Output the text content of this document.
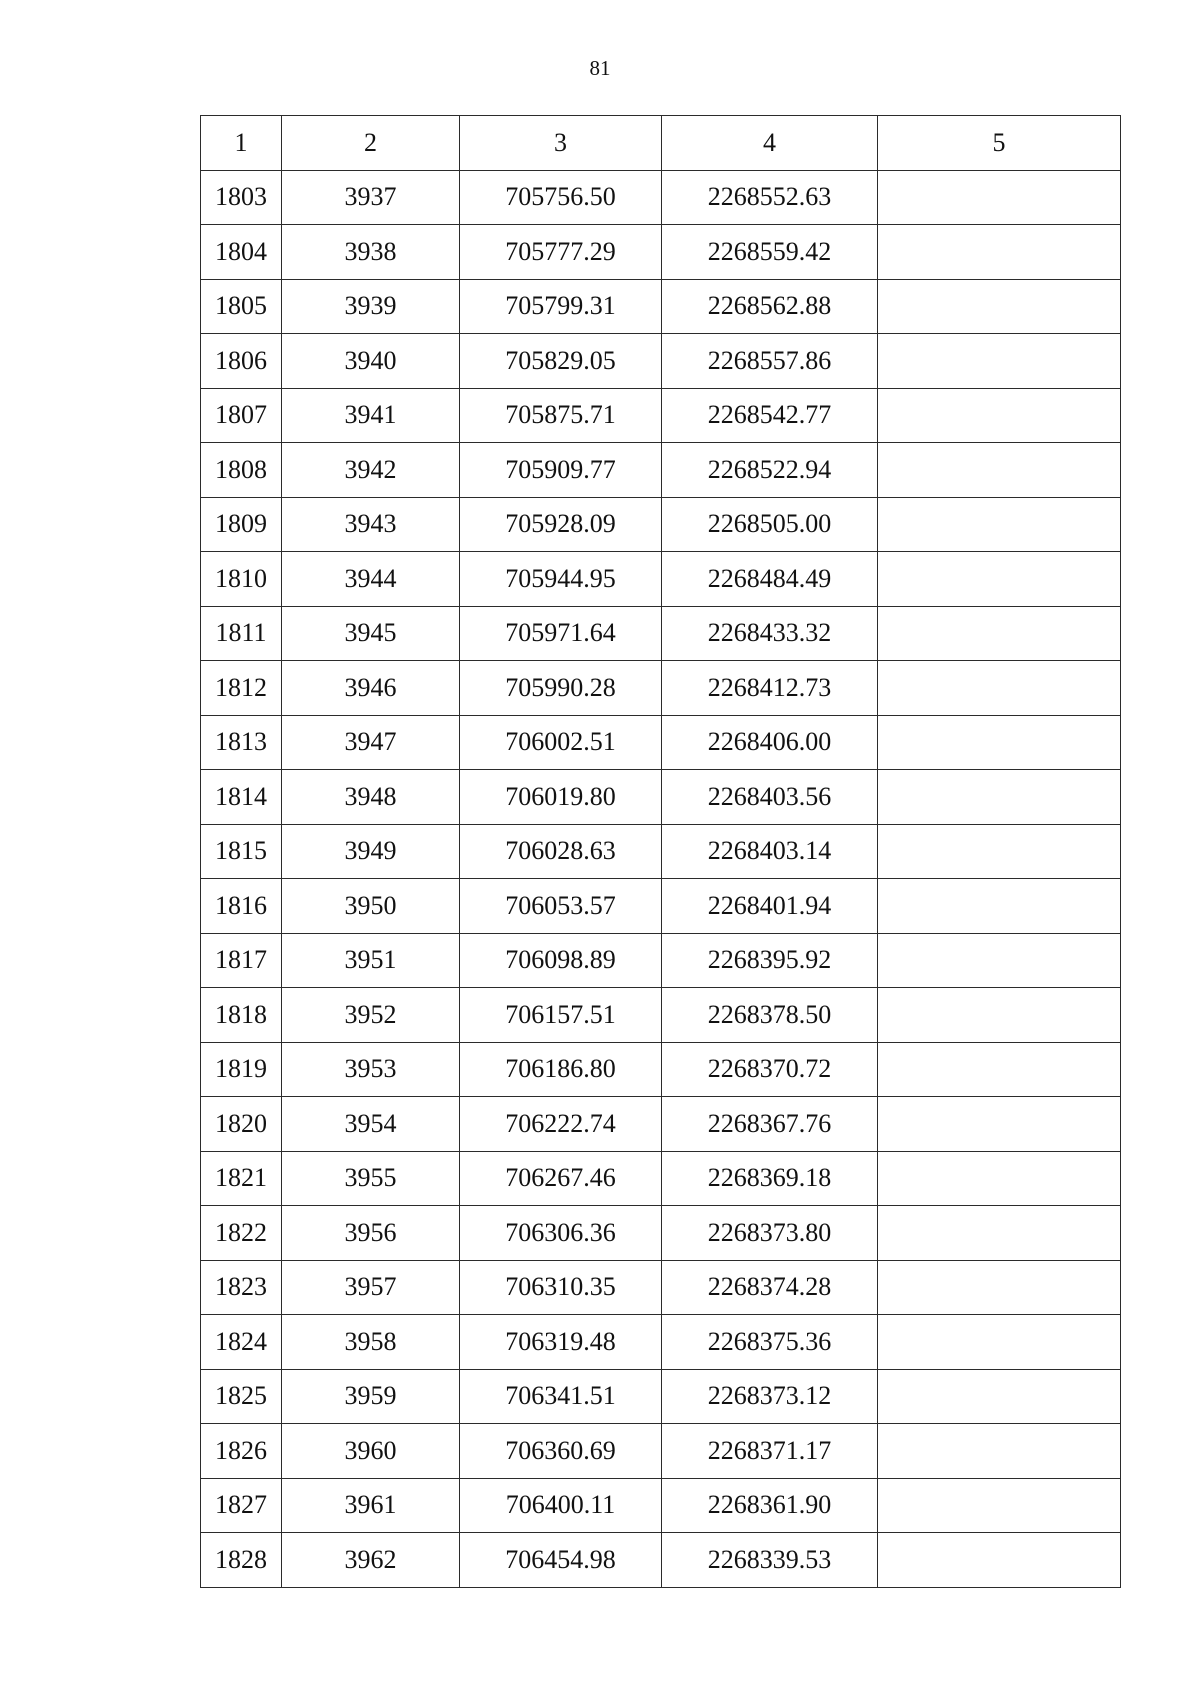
81
1	2	3	4	5
1803	3937	705756.50	2268552.63	
1804	3938	705777.29	2268559.42	
1805	3939	705799.31	2268562.88	
1806	3940	705829.05	2268557.86	
1807	3941	705875.71	2268542.77	
1808	3942	705909.77	2268522.94	
1809	3943	705928.09	2268505.00	
1810	3944	705944.95	2268484.49	
1811	3945	705971.64	2268433.32	
1812	3946	705990.28	2268412.73	
1813	3947	706002.51	2268406.00	
1814	3948	706019.80	2268403.56	
1815	3949	706028.63	2268403.14	
1816	3950	706053.57	2268401.94	
1817	3951	706098.89	2268395.92	
1818	3952	706157.51	2268378.50	
1819	3953	706186.80	2268370.72	
1820	3954	706222.74	2268367.76	
1821	3955	706267.46	2268369.18	
1822	3956	706306.36	2268373.80	
1823	3957	706310.35	2268374.28	
1824	3958	706319.48	2268375.36	
1825	3959	706341.51	2268373.12	
1826	3960	706360.69	2268371.17	
1827	3961	706400.11	2268361.90	
1828	3962	706454.98	2268339.53	
